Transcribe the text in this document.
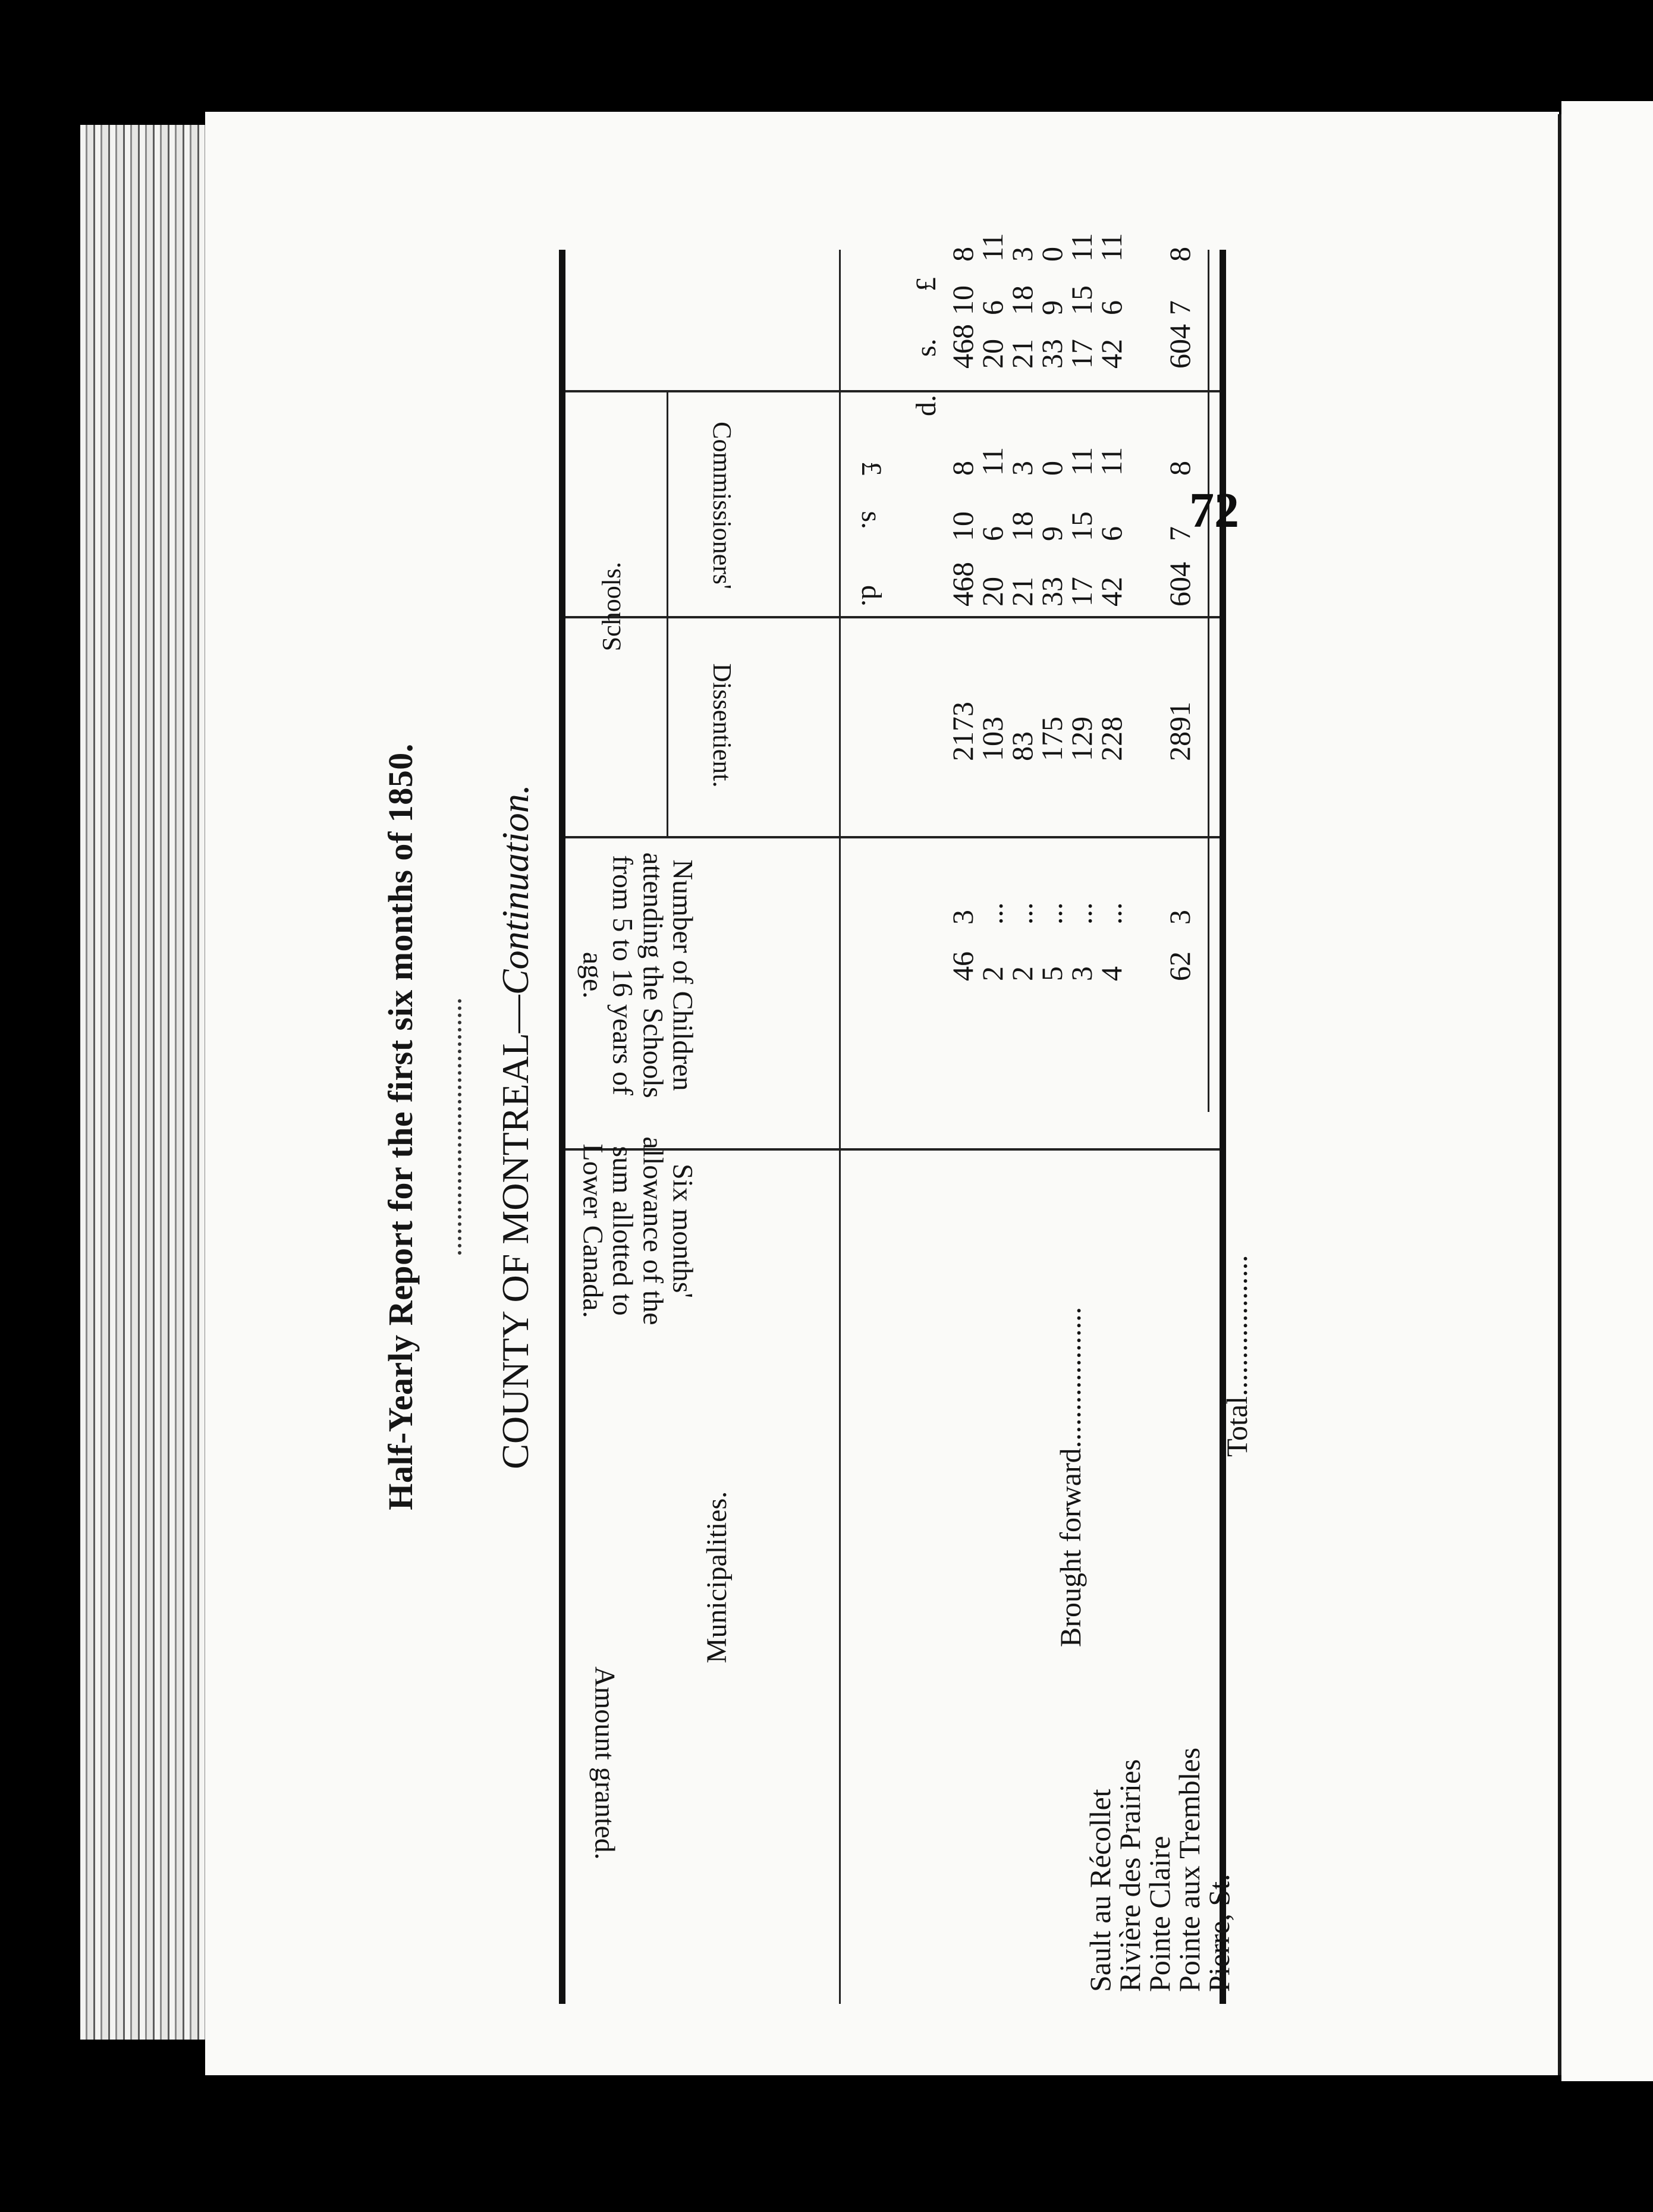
Half-Yearly Report for the first six months of 1850. COUNTY OF MONTREAL—Continuation.
Municipalities.
Amount granted.
Six months' allowance of the sum allotted to Lower Canada.
Number of Children attending the Schools from 5 to 16 years of age.
Schools.
Dissentient.
Commissioners'	£
s.
d.
Pierre, St.
Pointe aux Trembles
Pointe Claire
Rivière des Prairies
Sault au Récollet
Brought forward...................	Total...................
72
46
3
2173
468
10
8
468
10
8
2
...
103
20
6
11
20
6
11
2
...
83
21
18
3
21
18
3
5
...
175
33
9
0
33
9
0
3
...
129
17
15
11
17
15
11
4
...
228
42
6
11
42
6
11
62
3
2891
604
7
8
604
7
8
£
s.
d.
